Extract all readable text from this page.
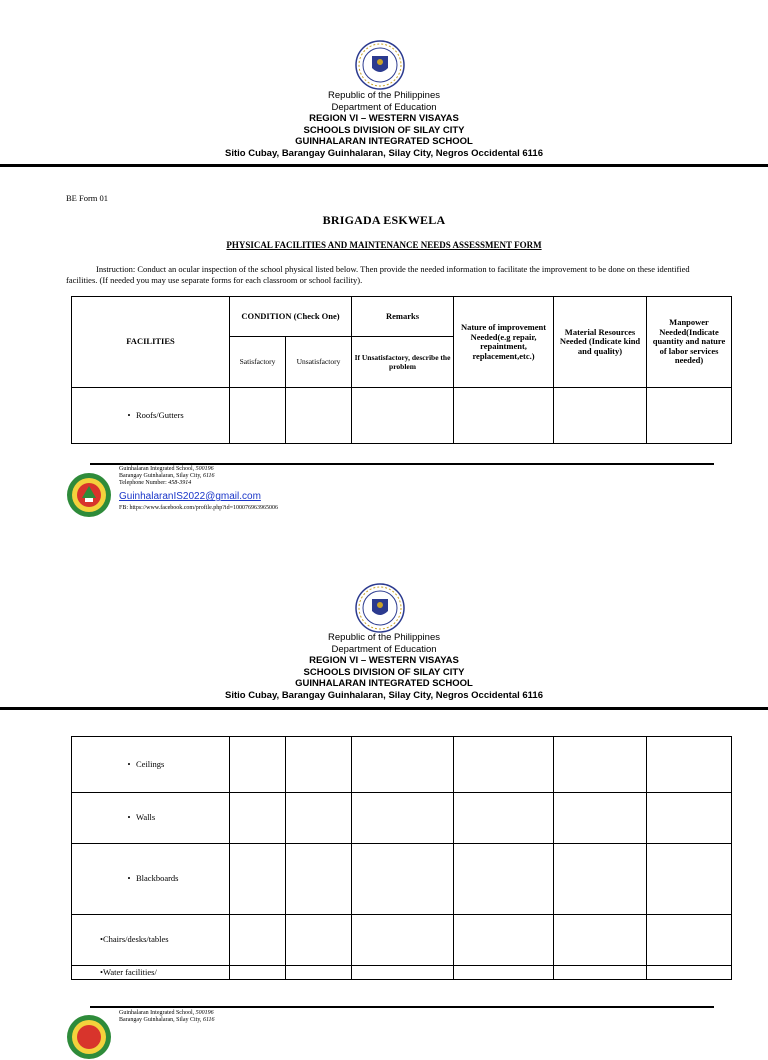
Republic of the Philippines
Department of Education
REGION VI – WESTERN VISAYAS
SCHOOLS DIVISION OF SILAY CITY
GUINHALARAN INTEGRATED SCHOOL
Sitio Cubay, Barangay Guinhalaran, Silay City, Negros Occidental 6116
BE Form 01
BRIGADA ESKWELA
PHYSICAL FACILITIES AND MAINTENANCE NEEDS ASSESSMENT FORM
Instruction: Conduct an ocular inspection of the school physical listed below. Then provide the needed information to facilitate the improvement to be done on these identified facilities. (If needed you may use separate forms for each classroom or school facility).
FACILITIES	CONDITION (Check One)		Remarks	Nature of improvement Needed(e.g repair, repaintment, replacement,etc.)	Material Resources Needed (Indicate kind and quality)	Manpower Needed(Indicate quantity and nature of labor services needed)
	Satisfactory	Unsatisfactory	If Unsatisfactory, describe the problem			
• Roofs/Gutters						
Guinhalaran Integrated School, 500196
Barangay Guinhalaran, Silay City, 6116
Telephone Number: 458-3914
GuinhalaranIS2022@gmail.com
FB: https://www.facebook.com/profile.php?id=100076963965006
Republic of the Philippines
Department of Education
REGION VI – WESTERN VISAYAS
SCHOOLS DIVISION OF SILAY CITY
GUINHALARAN INTEGRATED SCHOOL
Sitio Cubay, Barangay Guinhalaran, Silay City, Negros Occidental 6116
• Ceilings						
• Walls						
• Blackboards						
•Chairs/desks/tables						
•Water facilities/						
Guinhalaran Integrated School, 500196
Barangay Guinhalaran, Silay City, 6116
